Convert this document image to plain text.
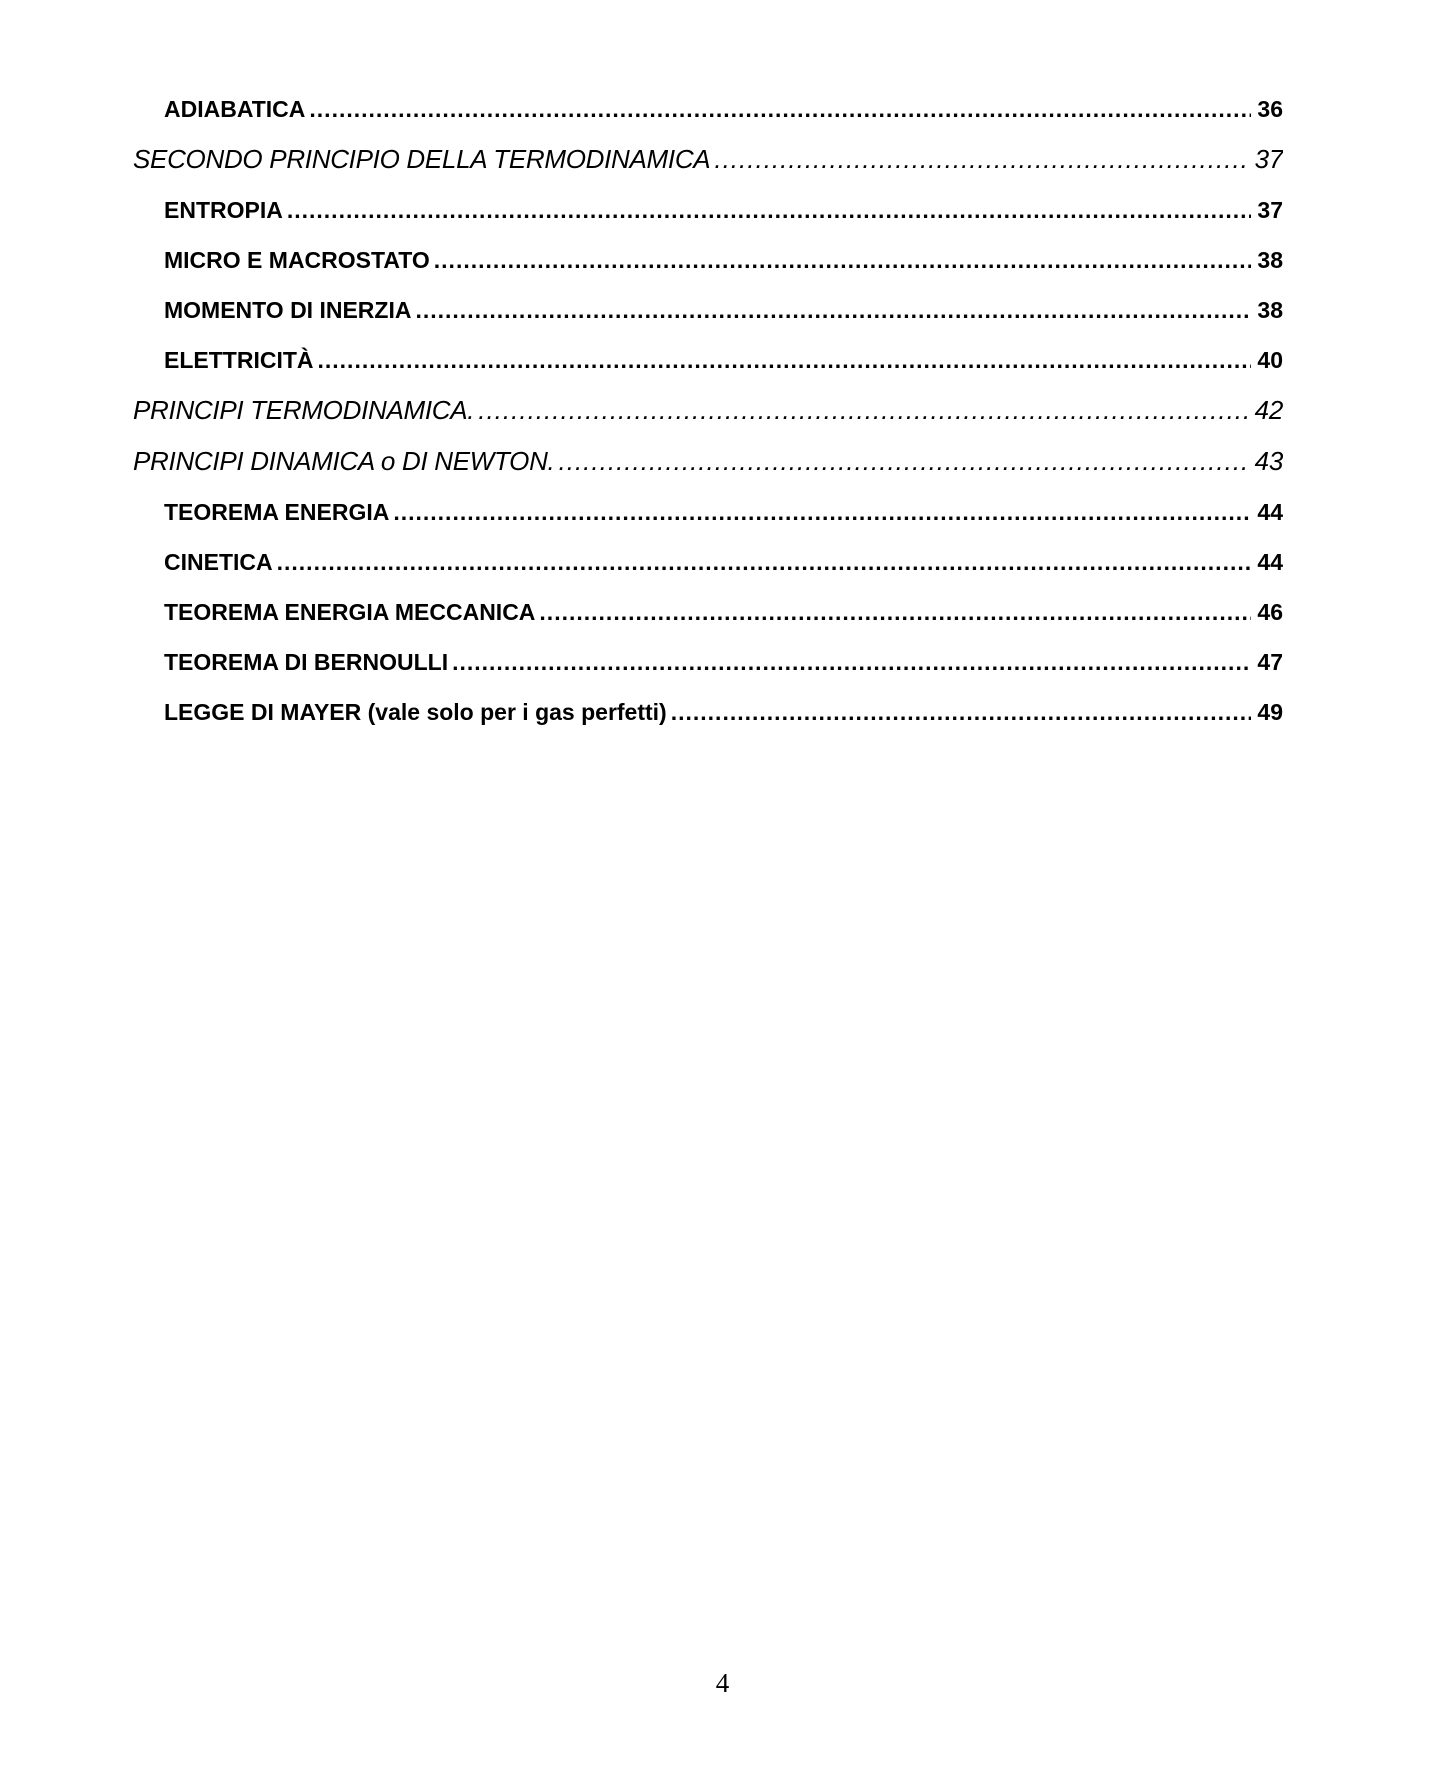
ADIABATICA .....	36
SECONDO PRINCIPIO DELLA TERMODINAMICA .....	37
ENTROPIA .....	37
MICRO E MACROSTATO .....	38
MOMENTO DI INERZIA .....	38
ELETTRICITÀ .....	40
PRINCIPI TERMODINAMICA. .....	42
PRINCIPI DINAMICA o DI NEWTON. .....	43
TEOREMA ENERGIA .....	44
CINETICA .....	44
TEOREMA ENERGIA MECCANICA .....	46
TEOREMA DI BERNOULLI .....	47
LEGGE DI MAYER (vale solo per i gas perfetti) .....	49
4
